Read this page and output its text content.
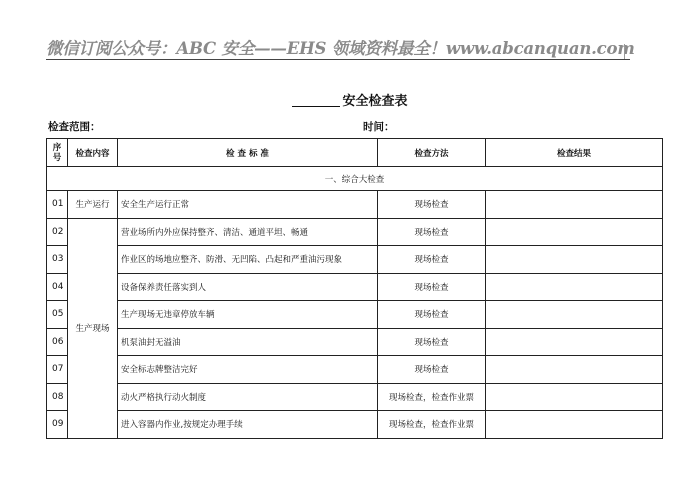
微信订阅公众号：ABC 安全——EHS 领域资料最全！www.abcanquan.com
安全检查表
检查范围：	时间：
序
号	检查内容	检 查 标 准	检查方法	检查结果
一、综合大检查				
01	生产运行	安全生产运行正常	现场检查	
02	生产现场	营业场所内外应保持整齐、清洁、通道平坦、畅通	现场检查	
03		作业区的场地应整齐、防滑、无凹陷、凸起和严重油污现象	现场检查	
04		设备保养责任落实到人	现场检查	
05		生产现场无违章停放车辆	现场检查	
06		机泵油封无溢油	现场检查	
07		安全标志牌整洁完好	现场检查	
08		动火严格执行动火制度	现场检查，检查作业票	
09		进入容器内作业,按规定办理手续	现场检查，检查作业票	
